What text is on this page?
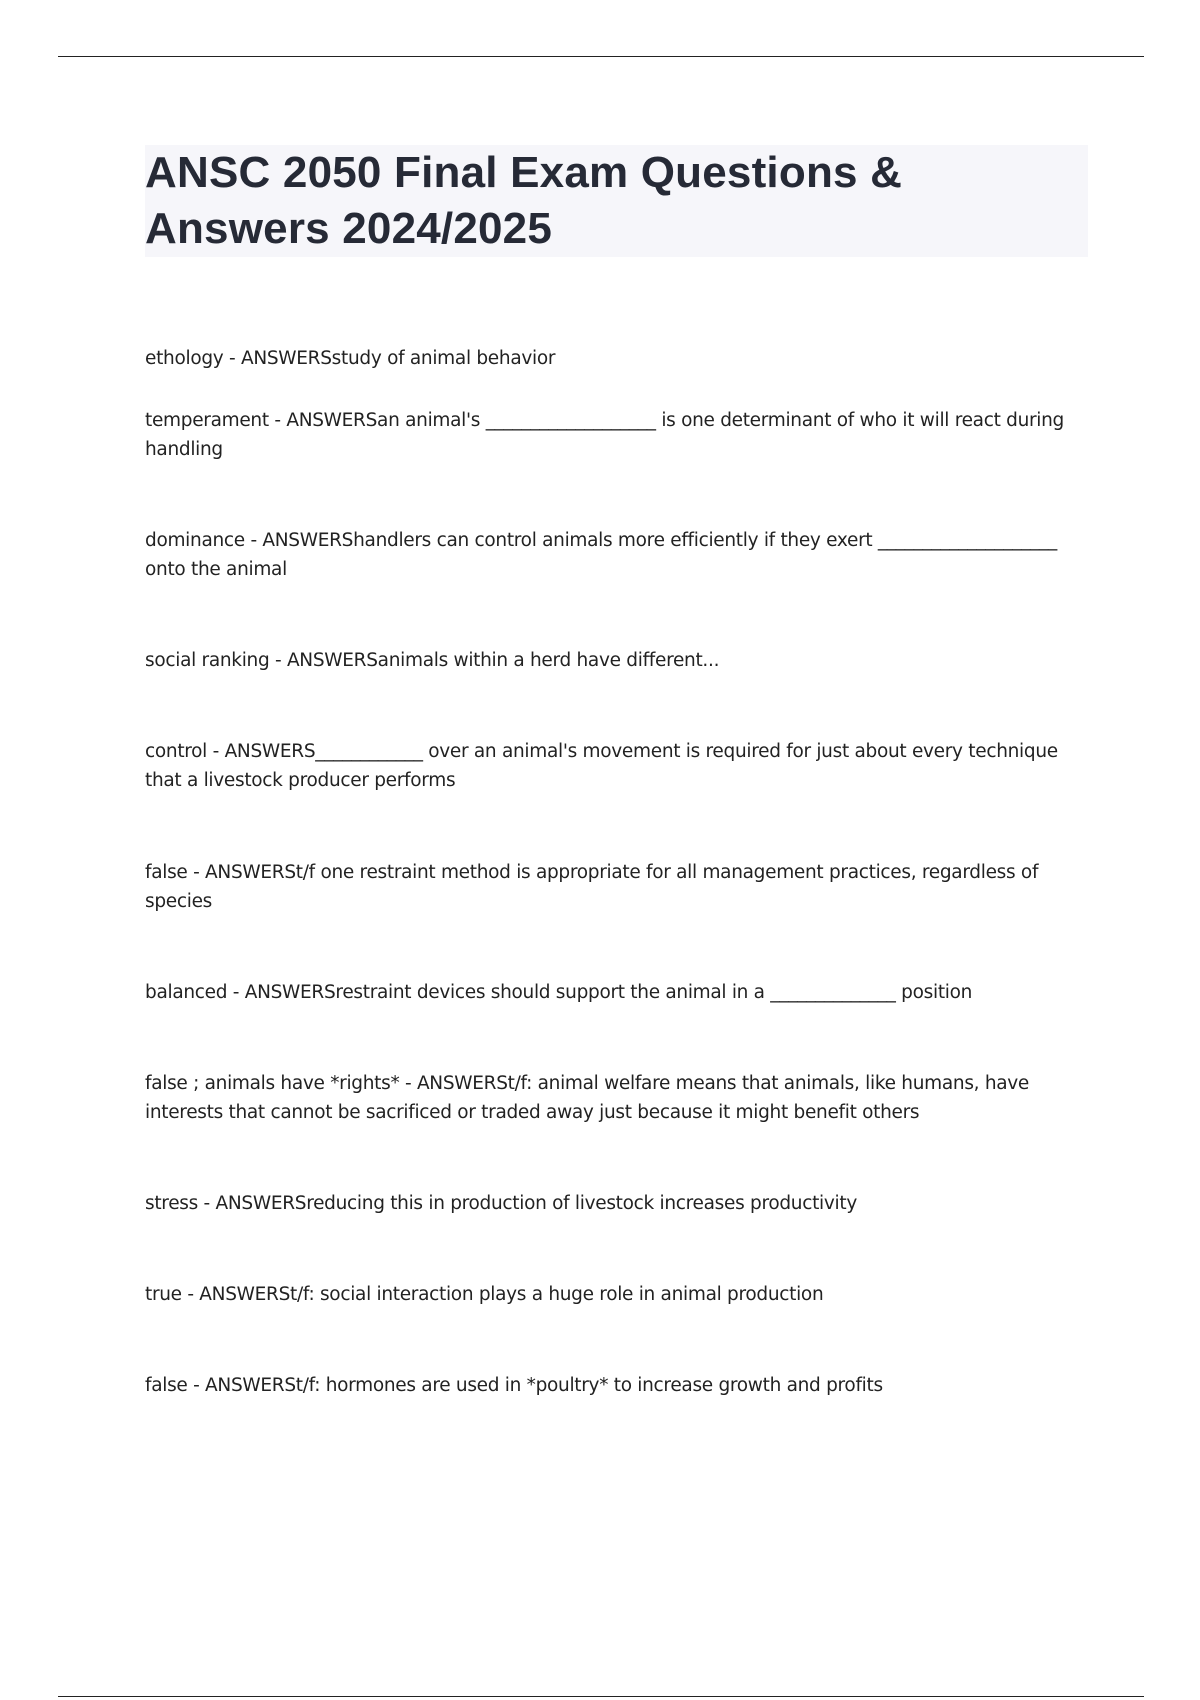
ANSC 2050 Final Exam Questions & Answers 2024/2025
ethology - ANSWERSstudy of animal behavior
temperament - ANSWERSan animal's ___________________ is one determinant of who it will react during handling
dominance - ANSWERShandlers can control animals more efficiently if they exert ____________________ onto the animal
social ranking - ANSWERSanimals within a herd have different...
control - ANSWERS____________ over an animal's movement is required for just about every technique that a livestock producer performs
false - ANSWERSt/f one restraint method is appropriate for all management practices, regardless of species
balanced - ANSWERSrestraint devices should support the animal in a ______________ position
false ; animals have *rights* - ANSWERSt/f: animal welfare means that animals, like humans, have interests that cannot be sacrificed or traded away just because it might benefit others
stress - ANSWERSreducing this in production of livestock increases productivity
true - ANSWERSt/f: social interaction plays a huge role in animal production
false - ANSWERSt/f: hormones are used in *poultry* to increase growth and profits
